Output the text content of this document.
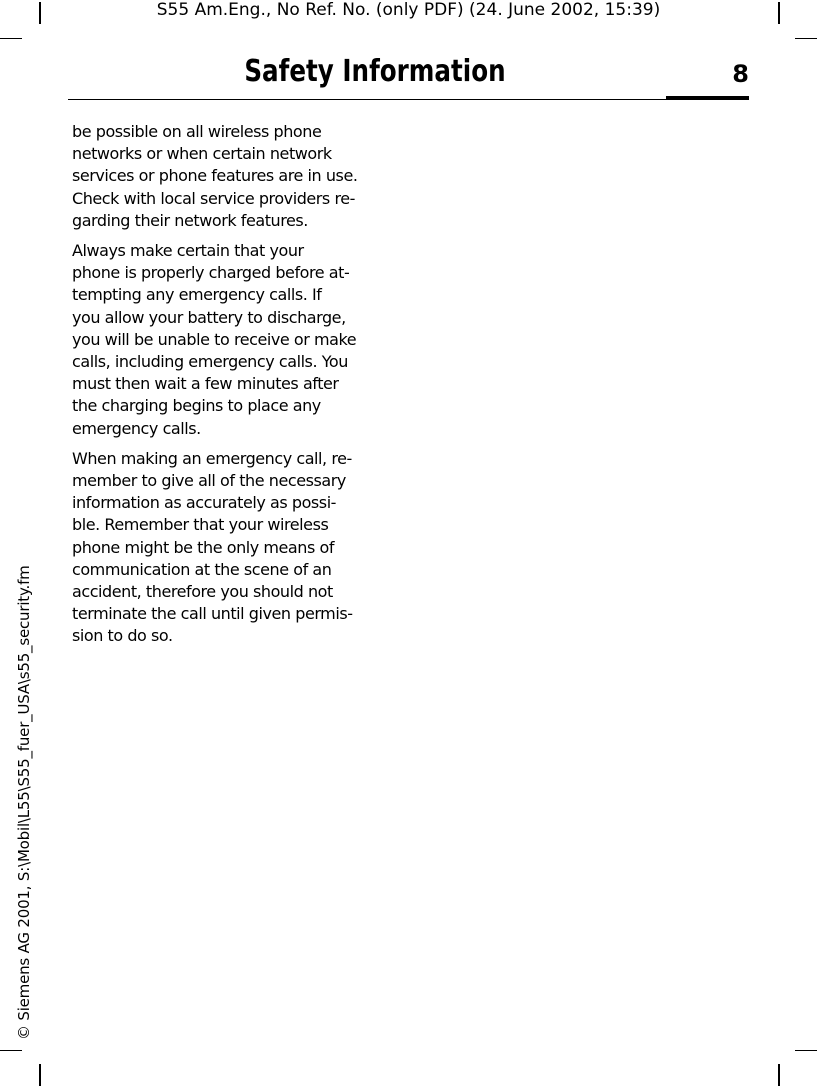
S55 Am.Eng., No Ref. No. (only PDF) (24. June 2002, 15:39)
Safety Information	8

be possible on all wireless phone
networks or when certain network
services or phone features are in use.
Check with local service providers re-
garding their network features.

Always make certain that your
phone is properly charged before at-
tempting any emergency calls. If
you allow your battery to discharge,
you will be unable to receive or make
calls, including emergency calls. You
must then wait a few minutes after
the charging begins to place any
emergency calls.

When making an emergency call, re-
member to give all of the necessary
information as accurately as possi-
ble. Remember that your wireless
phone might be the only means of
communication at the scene of an
accident, therefore you should not
terminate the call until given permis-
sion to do so.

© Siemens AG 2001, S:\Mobil\L55\S55_fuer_USA\s55_security.fm
